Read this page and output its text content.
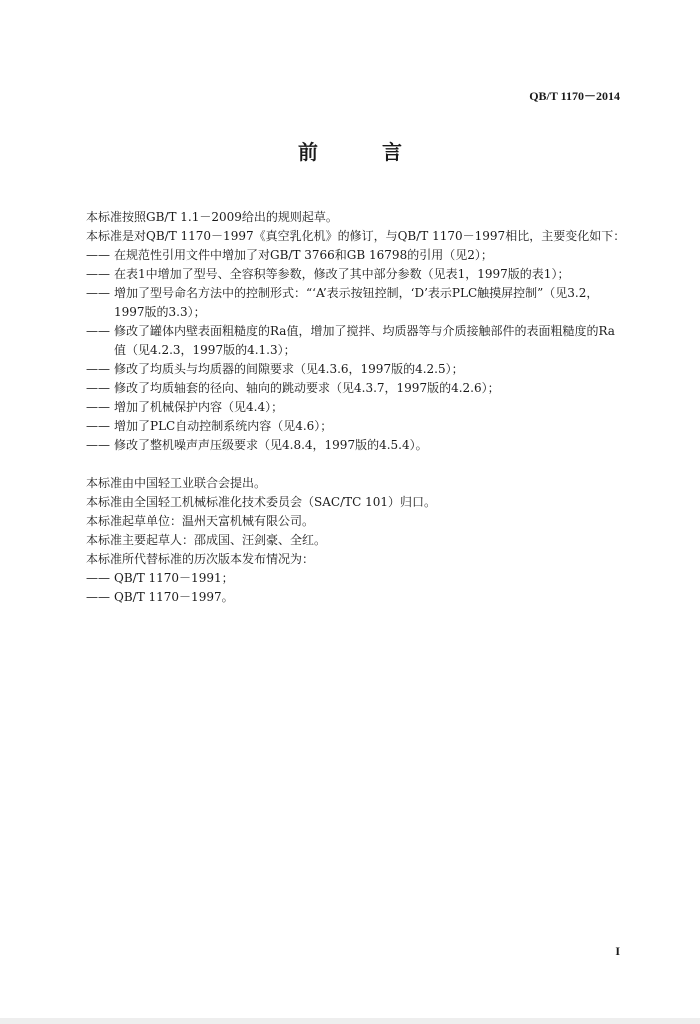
QB/T 1170－2014
前　言
本标准按照GB/T 1.1－2009给出的规则起草。
本标准是对QB/T 1170－1997《真空乳化机》的修订，与QB/T 1170－1997相比，主要变化如下：
—— 在规范性引用文件中增加了对GB/T 3766和GB 16798的引用（见2）；
—— 在表1中增加了型号、全容积等参数，修改了其中部分参数（见表1，1997版的表1）；
—— 增加了型号命名方法中的控制形式：“‘A’表示按钮控制，‘D’表示PLC触摸屏控制”（见3.2，1997版的3.3）；
—— 修改了罐体内壁表面粗糙度的Ra值，增加了搅拌、均质器等与介质接触部件的表面粗糙度的Ra值（见4.2.3，1997版的4.1.3）；
—— 修改了均质头与均质器的间隙要求（见4.3.6，1997版的4.2.5）；
—— 修改了均质轴套的径向、轴向的跳动要求（见4.3.7，1997版的4.2.6）；
—— 增加了机械保护内容（见4.4）；
—— 增加了PLC自动控制系统内容（见4.6）；
—— 修改了整机噪声声压级要求（见4.8.4，1997版的4.5.4）。
本标准由中国轻工业联合会提出。
本标准由全国轻工机械标准化技术委员会（SAC/TC 101）归口。
本标准起草单位：温州天富机械有限公司。
本标准主要起草人：邵成国、汪剑豪、全红。
本标准所代替标准的历次版本发布情况为：
—— QB/T 1170－1991；
—— QB/T 1170－1997。
I
